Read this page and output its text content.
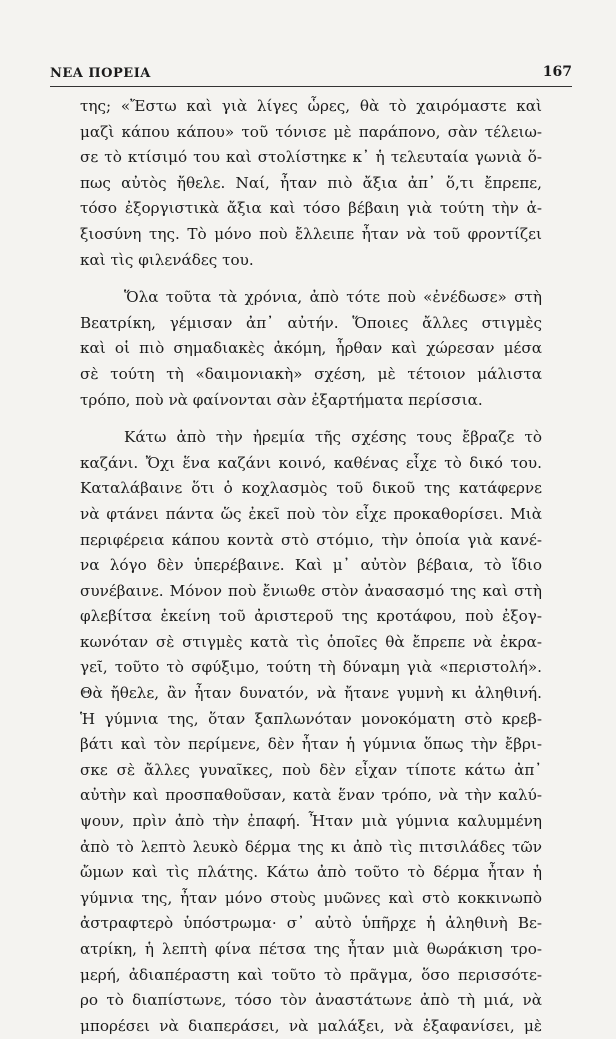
ΝΕΑ ΠΟΡΕΙΑ	167
της; «Ἔστω καὶ γιὰ λίγες ὧρες, θὰ τὸ χαιρόμαστε καὶ
μαζὶ κάπου κάπου» τοῦ τόνισε μὲ παράπονο, σὰν τέλειω-
σε τὸ κτίσιμό του καὶ στολίστηκε κ᾽ ἡ τελευταία γωνιὰ ὅ-
πως αὐτὸς ἤθελε. Ναί, ἦταν πιὸ ἄξια ἀπ᾽ ὅ,τι ἔπρεπε,
τόσο ἐξοργιστικὰ ἄξια καὶ τόσο βέβαιη γιὰ τούτη τὴν ἀ-
ξιοσύνη της. Τὸ μόνο ποὺ ἔλλειπε ἦταν νὰ τοῦ φροντίζει
καὶ τὶς φιλενάδες του.
Ὅλα τοῦτα τὰ χρόνια, ἀπὸ τότε ποὺ «ἐνέδωσε» στὴ
Βεατρίκη, γέμισαν ἀπ᾽ αὐτήν. Ὅποιες ἄλλες στιγμὲς
καὶ οἱ πιὸ σημαδιακὲς ἀκόμη, ἦρθαν καὶ χώρεσαν μέσα
σὲ τούτη τὴ «δαιμονιακὴ» σχέση, μὲ τέτοιον μάλιστα
τρόπο, ποὺ νὰ φαίνονται σὰν ἐξαρτήματα περίσσια.
Κάτω ἀπὸ τὴν ἠρεμία τῆς σχέσης τους ἔβραζε τὸ
καζάνι. Ὄχι ἕνα καζάνι κοινό, καθένας εἶχε τὸ δικό του.
Καταλάβαινε ὅτι ὁ κοχλασμὸς τοῦ δικοῦ της κατάφερνε
νὰ φτάνει πάντα ὥς ἐκεῖ ποὺ τὸν εἶχε προκαθορίσει. Μιὰ
περιφέρεια κάπου κοντὰ στὸ στόμιο, τὴν ὁποία γιὰ κανέ-
να λόγο δὲν ὑπερέβαινε. Καὶ μ᾽ αὐτὸν βέβαια, τὸ ἴδιο
συνέβαινε. Μόνον ποὺ ἔνιωθε στὸν ἀνασασμό της καὶ στὴ
φλεβίτσα ἐκείνη τοῦ ἀριστεροῦ της κροτάφου, ποὺ ἐξογ-
κωνόταν σὲ στιγμὲς κατὰ τὶς ὁποῖες θὰ ἔπρεπε νὰ ἐκρα-
γεῖ, τοῦτο τὸ σφύξιμο, τούτη τὴ δύναμη γιὰ «περιστολή».
Θὰ ἤθελε, ἂν ἦταν δυνατόν, νὰ ἤτανε γυμνὴ κι ἀληθινή.
Ἡ γύμνια της, ὅταν ξαπλωνόταν μονοκόματη στὸ κρεβ-
βάτι καὶ τὸν περίμενε, δὲν ἦταν ἡ γύμνια ὅπως τὴν ἔβρι-
σκε σὲ ἄλλες γυναῖκες, ποὺ δὲν εἶχαν τίποτε κάτω ἀπ᾽
αὐτὴν καὶ προσπαθοῦσαν, κατὰ ἕναν τρόπο, νὰ τὴν καλύ-
ψουν, πρὶν ἀπὸ τὴν ἐπαφή. Ἦταν μιὰ γύμνια καλυμμένη
ἀπὸ τὸ λεπτὸ λευκὸ δέρμα της κι ἀπὸ τὶς πιτσιλάδες τῶν
ὤμων καὶ τὶς πλάτης. Κάτω ἀπὸ τοῦτο τὸ δέρμα ἦταν ἡ
γύμνια της, ἦταν μόνο στοὺς μυῶνες καὶ στὸ κοκκινωπὸ
ἀστραφτερὸ ὑπόστρωμα· σ᾽ αὐτὸ ὑπῆρχε ἡ ἀληθινὴ Βε-
ατρίκη, ἡ λεπτὴ φίνα πέτσα της ἦταν μιὰ θωράκιση τρο-
μερή, ἀδιαπέραστη καὶ τοῦτο τὸ πρᾶγμα, ὅσο περισσότε-
ρο τὸ διαπίστωνε, τόσο τὸν ἀναστάτωνε ἀπὸ τὴ μιά, νὰ
μπορέσει νὰ διαπεράσει, νὰ μαλάξει, νὰ ἐξαφανίσει, μὲ
